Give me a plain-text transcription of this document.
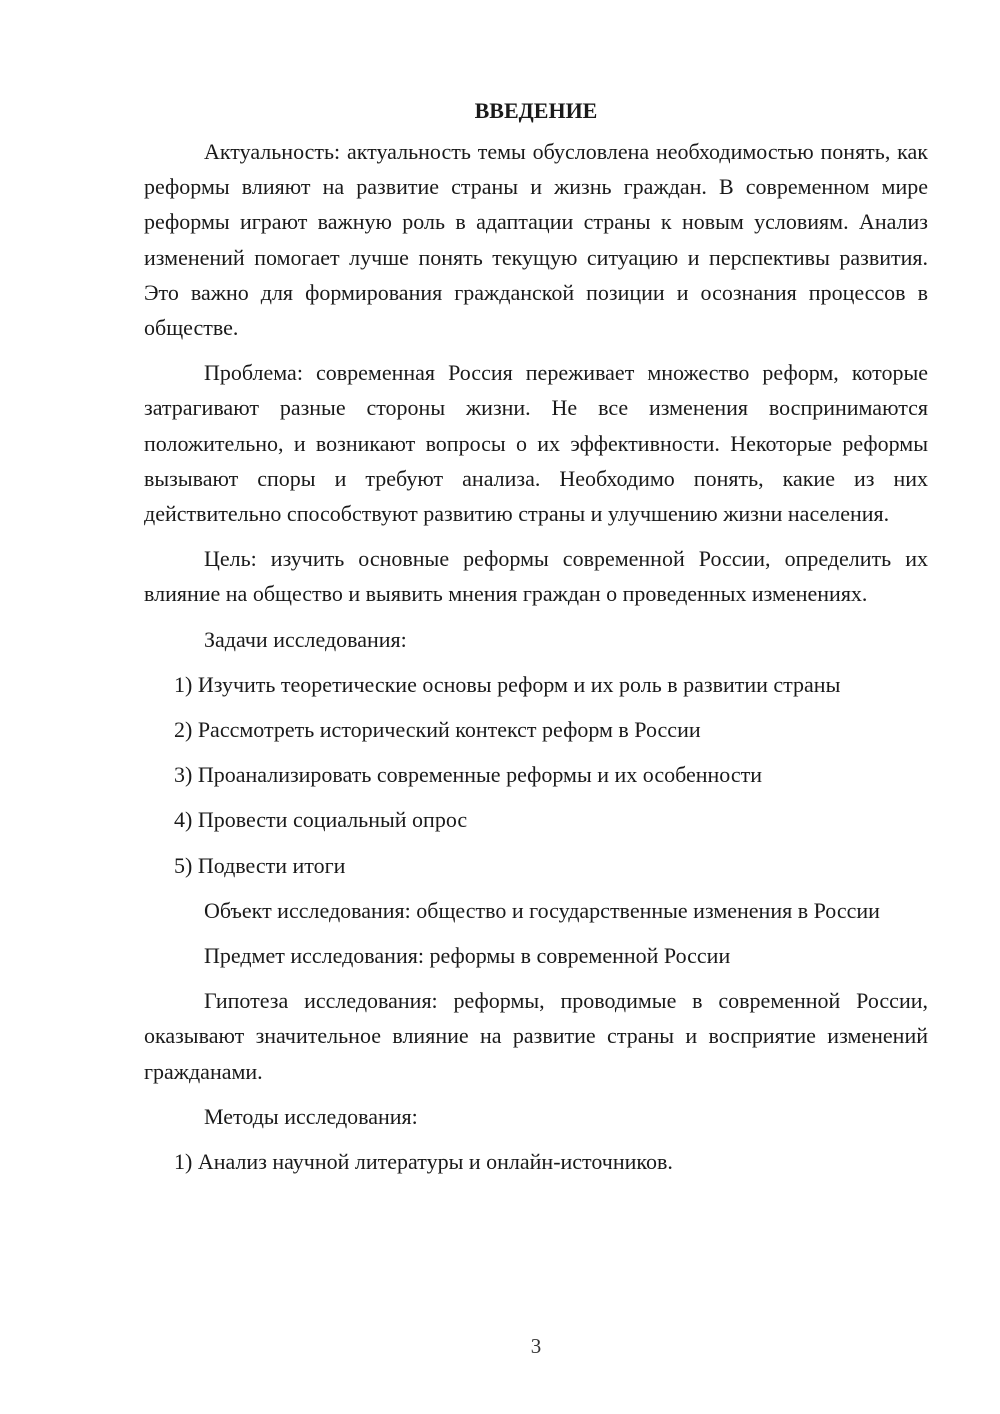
ВВЕДЕНИЕ

Актуальность: актуальность темы обусловлена необходимостью понять, как реформы влияют на развитие страны и жизнь граждан. В современном мире реформы играют важную роль в адаптации страны к новым условиям. Анализ изменений помогает лучше понять текущую ситуацию и перспективы развития. Это важно для формирования гражданской позиции и осознания процессов в обществе.

Проблема: современная Россия переживает множество реформ, которые затрагивают разные стороны жизни. Не все изменения воспринимаются положительно, и возникают вопросы о их эффективности. Некоторые реформы вызывают споры и требуют анализа. Необходимо понять, какие из них действительно способствуют развитию страны и улучшению жизни населения.

Цель: изучить основные реформы современной России, определить их влияние на общество и выявить мнения граждан о проведенных изменениях.

Задачи исследования:

1) Изучить теоретические основы реформ и их роль в развитии страны

2) Рассмотреть исторический контекст реформ в России

3) Проанализировать современные реформы и их особенности

4) Провести социальный опрос

5) Подвести итоги

Объект исследования: общество и государственные изменения в России

Предмет исследования: реформы в современной России

Гипотеза исследования: реформы, проводимые в современной России, оказывают значительное влияние на развитие страны и восприятие изменений гражданами.

Методы исследования:

1) Анализ научной литературы и онлайн-источников.

3
